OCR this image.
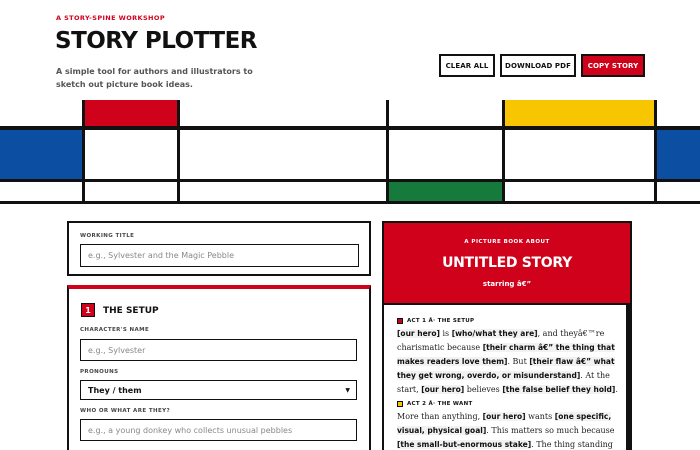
A STORY-SPINE WORKSHOP
STORY PLOTTER
A simple tool for authors and illustrators to sketch out picture book ideas.
CLEAR ALL	DOWNLOAD PDF	COPY STORY
WORKING TITLE
e.g., Sylvester and the Magic Pebble
1	THE SETUP
CHARACTER'S NAME
e.g., Sylvester
PRONOUNS
They / them	▼
WHO OR WHAT ARE THEY?
e.g., a young donkey who collects unusual pebbles
A PICTURE BOOK ABOUT
UNTITLED STORY
starring â€”
ACT 1 Â· THE SETUP
[our hero] is [who/what they are], and theyâ€™re charismatic because [their charm â€” the thing that makes readers love them]. But [their flaw â€” what they get wrong, overdo, or misunderstand]. At the start, [our hero] believes [the false belief they hold].
ACT 2 Â· THE WANT
More than anything, [our hero] wants [one specific, visual, physical goal]. This matters so much because [the small-but-enormous stake]. The thing standing
